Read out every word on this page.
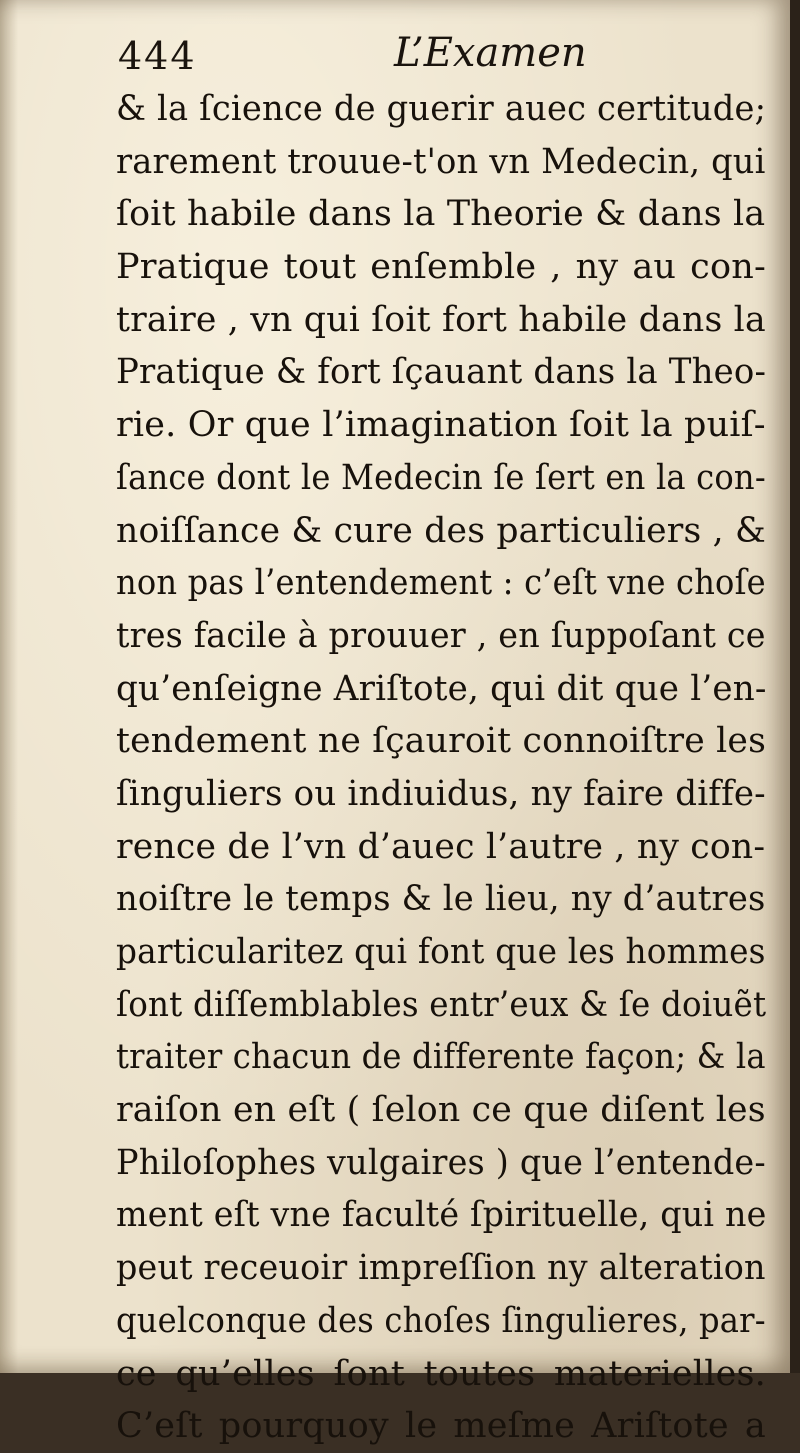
444	L’Examen
& la ſcience de guerir auec certitude;
rarement trouue-t'on vn Medecin, qui
ſoit habile dans la Theorie & dans la
Pratique tout enſemble , ny au con-
traire , vn qui ſoit fort habile dans la
Pratique & fort ſçauant dans la Theo-
rie. Or que l’imagination ſoit la puiſ-
ſance dont le Medecin ſe ſert en la con-
noiſſance & cure des particuliers , &
non pas l’entendement : c’eſt vne choſe
tres facile à prouuer , en ſuppoſant ce
qu’enſeigne Ariſtote, qui dit que l’en-
tendement ne ſçauroit connoiſtre les
ſinguliers ou indiuidus, ny faire diffe-
rence de l’vn d’auec l’autre , ny con-
noiſtre le temps & le lieu, ny d’autres
particularitez qui font que les hommes
ſont diſſemblables entr’eux & ſe doiuẽt
traiter chacun de differente façon; & la
raiſon en eſt ( ſelon ce que diſent les
Philoſophes vulgaires ) que l’entende-
ment eſt vne faculté ſpirituelle, qui ne
peut receuoir impreſſion ny alteration
quelconque des choſes ſingulieres, par-
ce qu’elles ſont toutes materielles.
C’eſt pourquoy le meſme Ariſtote a
